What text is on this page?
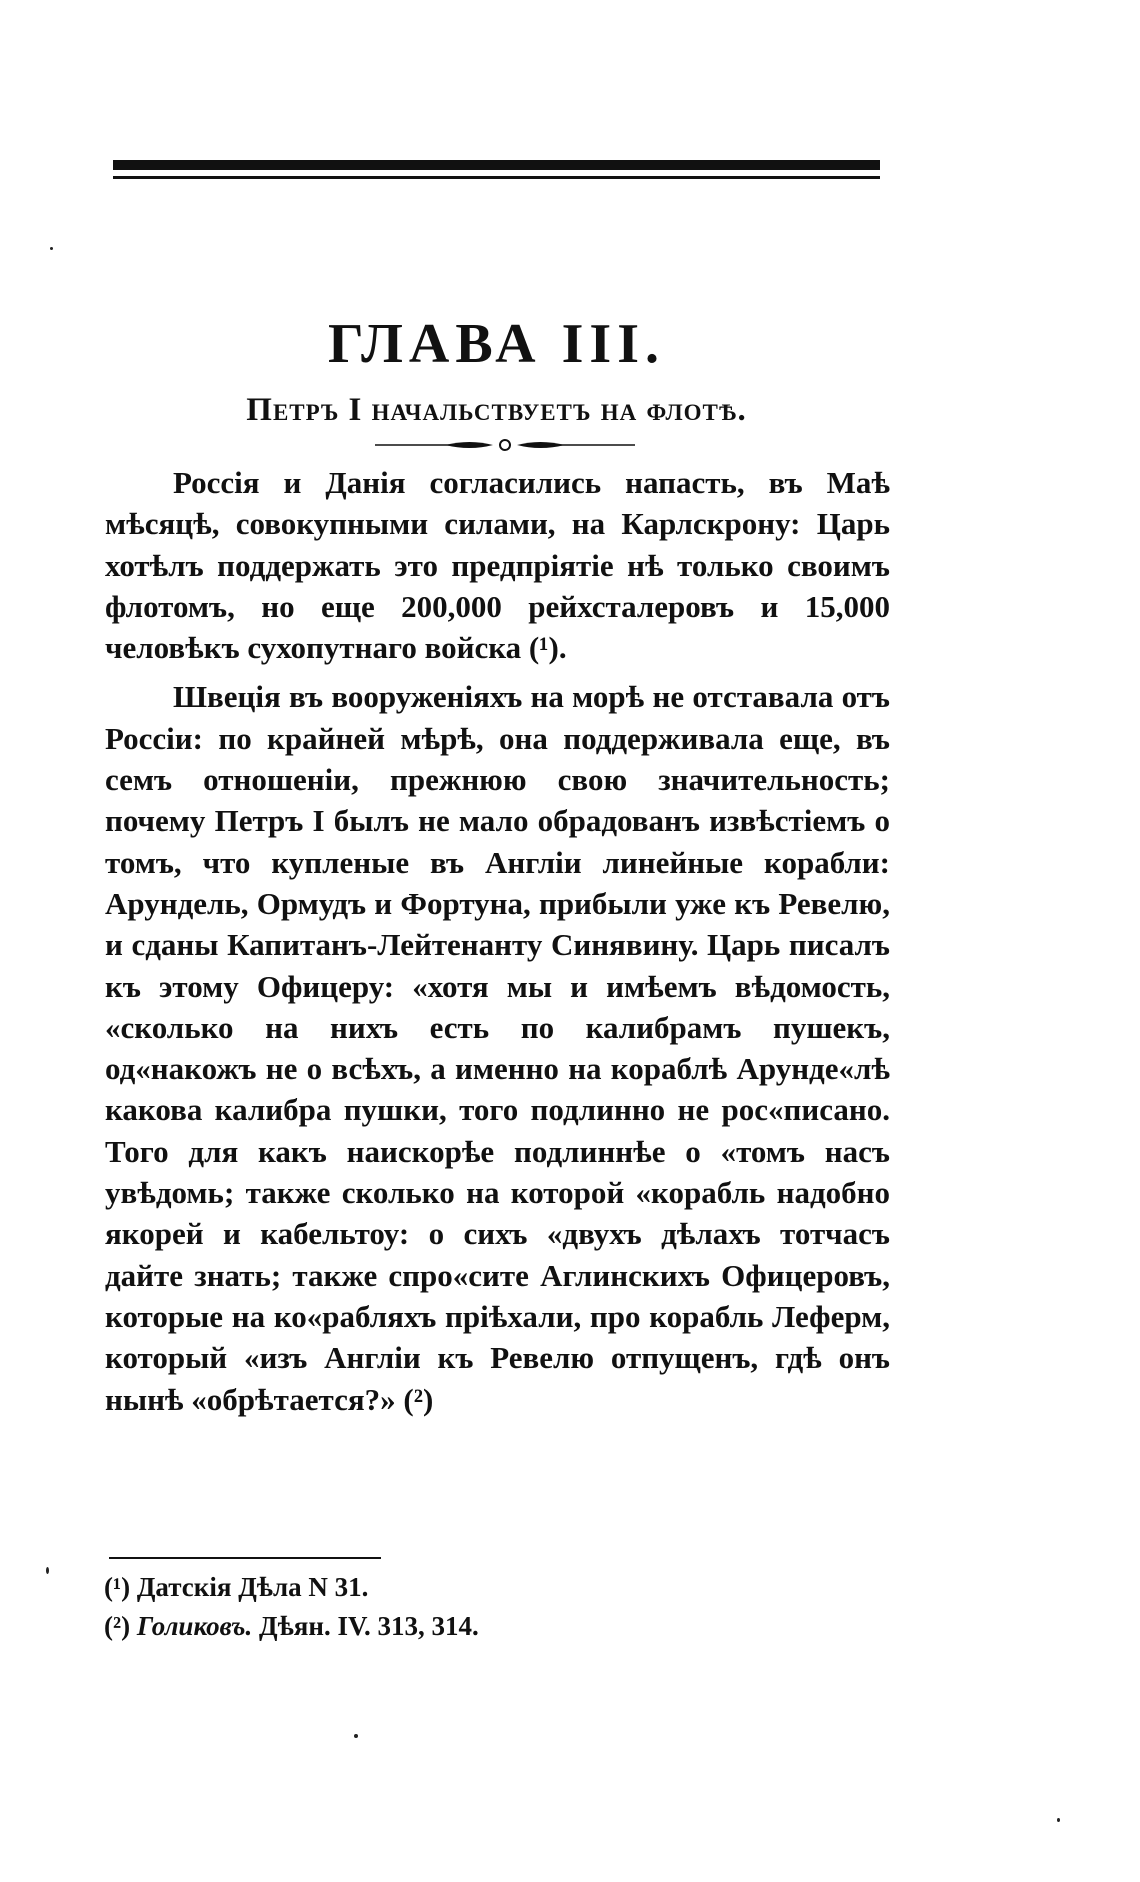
ГЛАВА III.
Петръ I начальствуетъ на флотѣ.

Россія и Данія согласились напасть, въ Маѣ мѣсяцѣ, совокупными силами, на Карлскрону: Царь хотѣлъ поддержать это предпріятіе нѣ только своимъ флотомъ, но еще 200,000 рейхсталеровъ и 15,000 человѣкъ сухопутнаго войска (¹).

Швеція въ вооруженіяхъ на морѣ не отставала отъ Россіи: по крайней мѣрѣ, она поддерживала еще, въ семъ отношеніи, прежнюю свою значительность; почему Петръ I былъ не мало обрадованъ извѣстіемъ о томъ, что купленые въ Англіи линейные корабли: Арундель, Ормудъ и Фортуна, прибыли уже къ Ревелю, и сданы Капитанъ-Лейтенанту Синявину. Царь писалъ къ этому Офицеру: «хотя мы и имѣемъ вѣдомость, «сколько на нихъ есть по калибрамъ пушекъ, од«накожъ не о всѣхъ, а именно на кораблѣ Арунде«лѣ какова калибра пушки, того подлинно не рос«писано. Того для какъ наискорѣе подлиннѣе о «томъ насъ увѣдомь; также сколько на которой «корабль надобно якорей и кабельтоу: о сихъ «двухъ дѣлахъ тотчасъ дайте знать; также спро«сите Аглинскихъ Офицеровъ, которые на ко«рабляхъ пріѣхали, про корабль Леферм, который «изъ Англіи къ Ревелю отпущенъ, гдѣ онъ нынѣ «обрѣтается?» (²)

(¹) Датскія Дѣла N 31.
(²) Голиковъ. Дѣян. IV. 313, 314.
